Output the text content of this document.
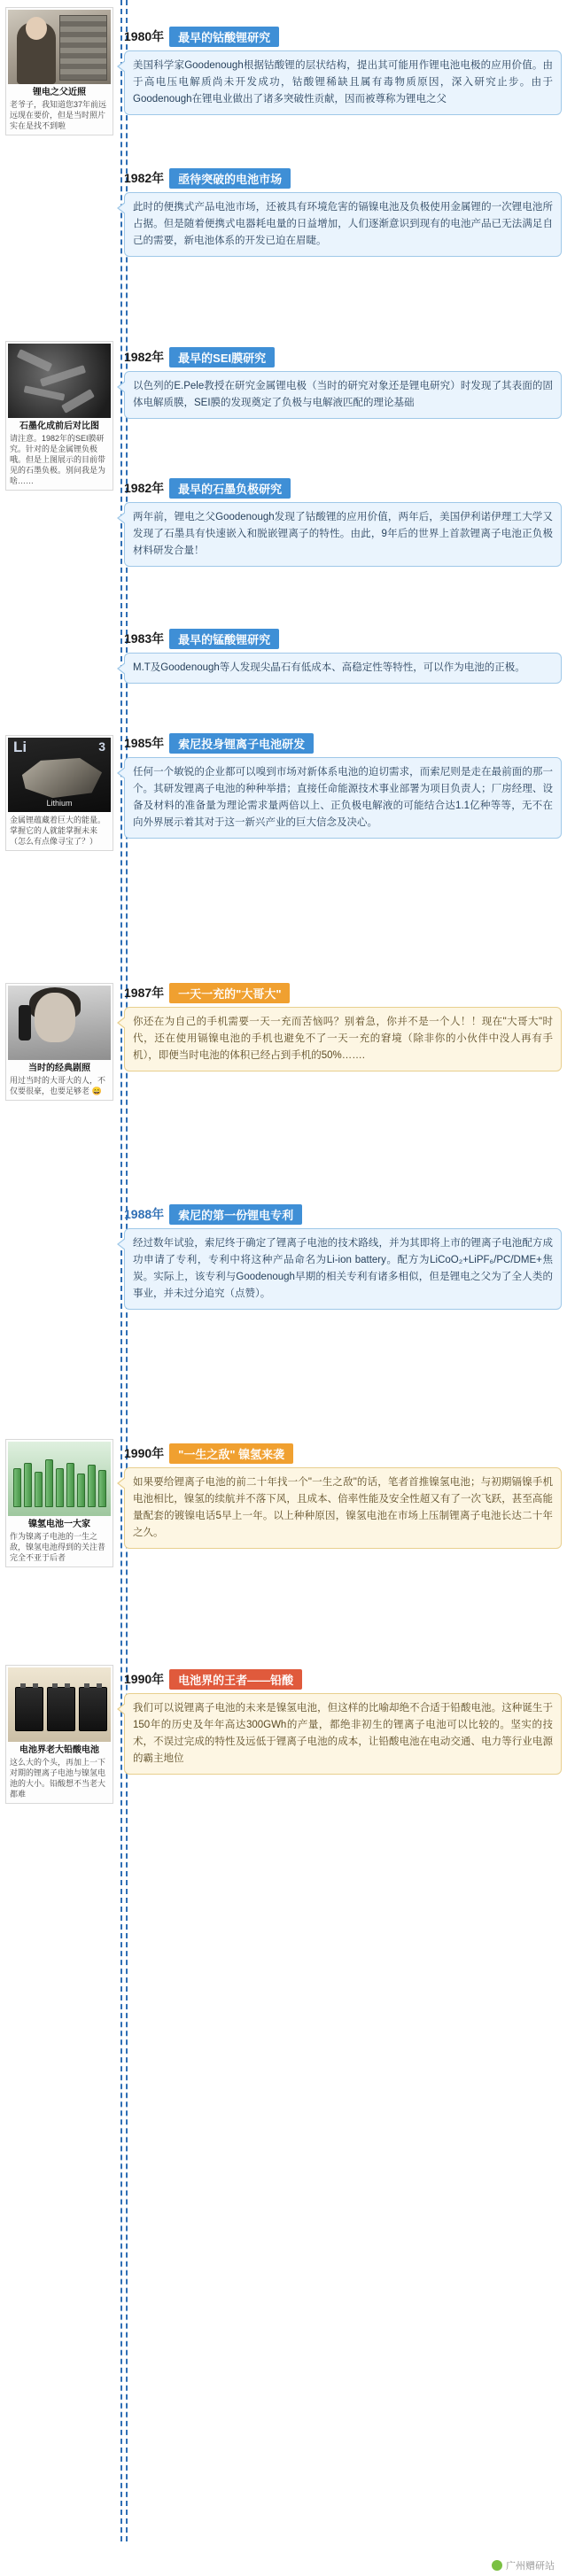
锂电之父近照
老爷子，我知道您37年前远远现在要价，但是当时照片实在是找不到啦
1980年	最早的钴酸锂研究
美国科学家Goodenough根据钴酸锂的层状结构，提出其可能用作锂电池电极的应用价值。由于高电压电解质尚未开发成功，钴酸锂稀缺且属有毒物质原因，深入研究止步。由于Goodenough在锂电业做出了诸多突破性贡献，因而被尊称为锂电之父
1982年	亟待突破的电池市场
此时的便携式产品电池市场，还被具有环境危害的镉镍电池及负极使用金属锂的一次锂电池所占据。但是随着便携式电器耗电量的日益增加，人们逐渐意识到现有的电池产品已无法满足自己的需要，新电池体系的开发已迫在眉睫。
石墨化成前后对比图
请注意。1982年的SEI膜研究。针对的是金属锂负极哦。但是上图展示的目前带见的石墨负极。别问我是为啥……
1982年	最早的SEI膜研究
以色列的E.Pele教授在研究金属锂电极（当时的研究对象还是锂电研究）时发现了其表面的固体电解质膜，SEI膜的发现奠定了负极与电解液匹配的理论基础
1982年	最早的石墨负极研究
两年前，锂电之父Goodenough发现了钴酸锂的应用价值，两年后，美国伊利诺伊理工大学又发现了石墨具有快速嵌入和脱嵌锂离子的特性。由此，9年后的世界上首款锂离子电池正负极材料研发合量！
1983年	最早的锰酸锂研究
M.T及Goodenough等人发现尖晶石有低成本、高稳定性等特性，可以作为电池的正极。
Li	3
Lithium
金属锂蕴藏着巨大的能量。掌握它的人就能掌握未来（怎么有点像寻宝了？）
1985年	索尼投身锂离子电池研发
任何一个敏锐的企业都可以嗅到市场对新体系电池的迫切需求，而索尼则是走在最前面的那一个。其研发锂离子电池的种种举措；直接任命能源技术事业部署为项目负责人；厂房经理、设备及材料的准备量为理论需求量两倍以上、正负极电解液的可能结合达1.1亿种等等，无不在向外界展示着其对于这一新兴产业的巨大信念及决心。
当时的经典剧照
用过当时的大哥大的人，不仅要很豪，也要足够老 😄
1987年	一天一充的"大哥大"
你还在为自己的手机需要一天一充而苦恼吗？别着急，你并不是一个人！！现在"大哥大"时代，还在使用镉镍电池的手机也避免不了一天一充的窘境（除非你的小伙伴中没人再有手机），即便当时电池的体积已经占到手机的50%…….
1988年	索尼的第一份锂电专利
经过数年试验，索尼终于确定了锂离子电池的技术路线，并为其即将上市的锂离子电池配方成功申请了专利，专利中将这种产品命名为Li-ion battery。配方为LiCoO₂+LiPF₆/PC/DME+焦炭。实际上，该专利与Goodenough早期的相关专利有诸多相似，但是锂电之父为了全人类的事业，并未过分追究（点赞）。
镍氢电池一大家
作为镍离子电池的一生之敌，镍氢电池得到的关注普完全不亚于后者
1990年	"一生之敌" 镍氢来袭
如果要给锂离子电池的前二十年找一个"一生之敌"的话，笔者首推镍氢电池；与初期镉镍手机电池相比，镍氢的续航并不落下风，且成本、倍率性能及安全性超又有了一次飞跃，甚至高能量配套的镀镍电话5早上一年。以上种种原因，镍氢电池在市场上压制锂离子电池长达二十年之久。
电池界老大铅酸电池
这么大的个头，再加上一下对期的锂离子电池与镍氢电池的大小。铅酸想不当老大都难
1990年	电池界的王者——铅酸
我们可以说锂离子电池的未来是镍氢电池，但这样的比喻却绝不合适于铅酸电池。这种诞生于150年的历史及年年高达300GWh的产量，都绝非初生的锂离子电池可以比较的。坚实的技术，不误过完成的特性及远低于锂离子电池的成本，让铅酸电池在电动交通、电力等行业电源的霸主地位
广州赠研站
